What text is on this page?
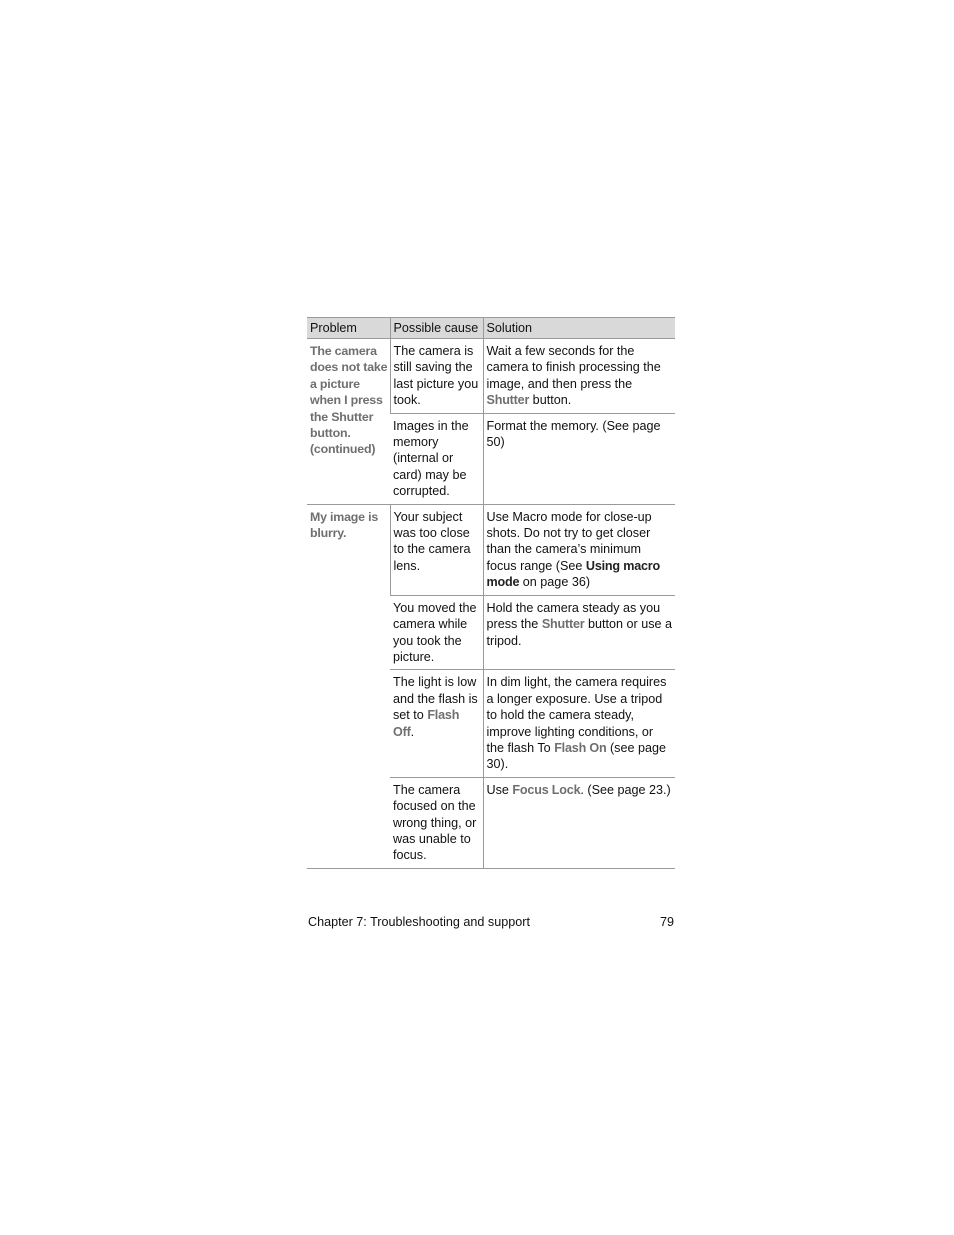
Problem	Possible cause	Solution
The camera does not take a picture when I press the Shutter button. (continued)	The camera is still saving the last picture you took.	Wait a few seconds for the camera to finish processing the image, and then press the Shutter button.
	Images in the memory (internal or card) may be corrupted.	Format the memory. (See page 50)
My image is blurry.	Your subject was too close to the camera lens.	Use Macro mode for close-up shots. Do not try to get closer than the camera’s minimum focus range (See Using macro mode on page 36)
	You moved the camera while you took the picture.	Hold the camera steady as you press the Shutter button or use a tripod.
	The light is low and the flash is set to Flash Off.	In dim light, the camera requires a longer exposure. Use a tripod to hold the camera steady, improve lighting conditions, or the flash To Flash On (see page 30).
	The camera focused on the wrong thing, or was unable to focus.	Use Focus Lock. (See page 23.)
Chapter 7: Troubleshooting and support	79
